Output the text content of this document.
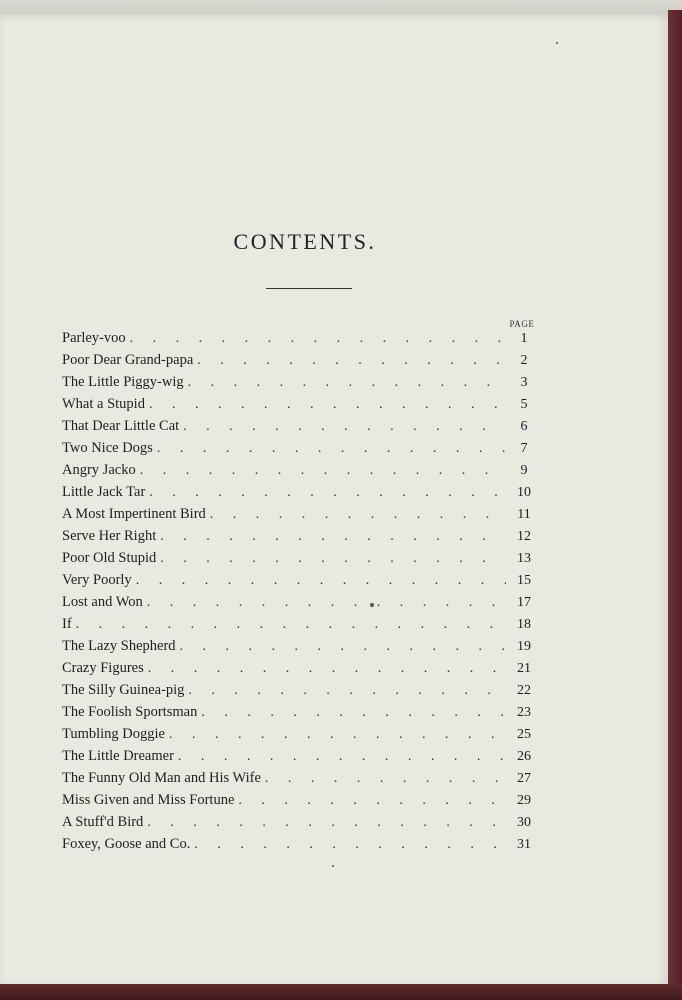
CONTENTS.
PAGE
Parley-voo . . .	1
Poor Dear Grand-papa . . .	2
The Little Piggy-wig . . .	3
What a Stupid . . .	5
That Dear Little Cat . . .	6
Two Nice Dogs . . .	7
Angry Jacko . . .	9
Little Jack Tar . . .	10
A Most Impertinent Bird . . .	11
Serve Her Right . . .	12
Poor Old Stupid . . .	13
Very Poorly . . .	15
Lost and Won . . .	17
If . . .	18
The Lazy Shepherd . . .	19
Crazy Figures . . .	21
The Silly Guinea-pig . . .	22
The Foolish Sportsman . . .	23
Tumbling Doggie . . .	25
The Little Dreamer . . .	26
The Funny Old Man and His Wife . . .	27
Miss Given and Miss Fortune . . .	29
A Stuff'd Bird . . .	30
Foxey, Goose and Co. . . .	31
